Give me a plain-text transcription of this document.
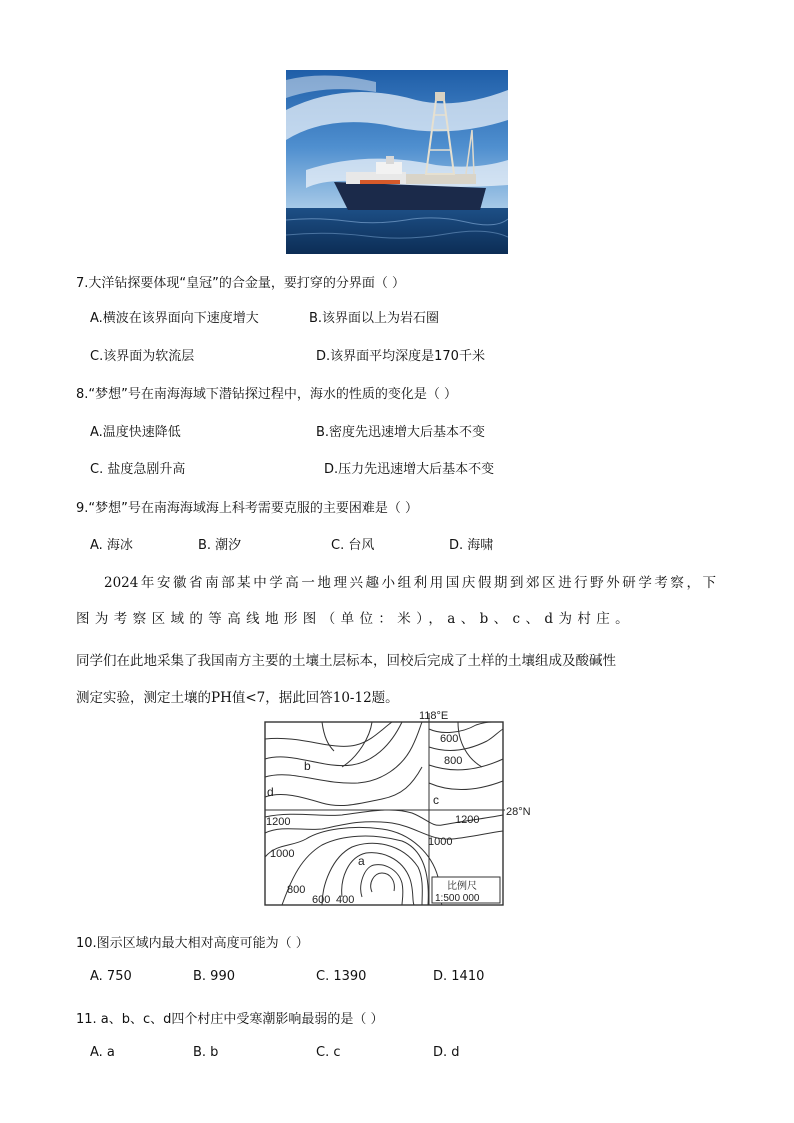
7.大洋钻探要体现“皇冠”的合金量，要打穿的分界面（ ）
A.横波在该界面向下速度增大	B.该界面以上为岩石圈
C.该界面为软流层	D.该界面平均深度是170千米
8.“梦想”号在南海海域下潜钻探过程中，海水的性质的变化是（ ）
A.温度快速降低	B.密度先迅速增大后基本不变
C. 盐度急剧升高	D.压力先迅速增大后基本不变
9.“梦想”号在南海海域海上科考需要克服的主要困难是（ ）
A. 海冰	B. 潮汐	C. 台风	D. 海啸
2024年安徽省南部某中学高一地理兴趣小组利用国庆假期到郊区进行野外研学考察，下
图为考察区域的等高线地形图（单位：米），a、b、c、d为村庄。
同学们在此地采集了我国南方主要的土壤土层标本，回校后完成了土样的土壤组成及酸碱性
测定实验，测定土壤的PH值<7，据此回答10-12题。
比例尺
1:500 000
118°E
28°N
600
800
1200	1200
1000
1000
800
600 400
a
b
c
d
10.图示区域内最大相对高度可能为（ ）
A. 750	B. 990	C. 1390	D. 1410
11. a、b、c、d四个村庄中受寒潮影响最弱的是（ ）
A. a	B. b	C. c	D. d
